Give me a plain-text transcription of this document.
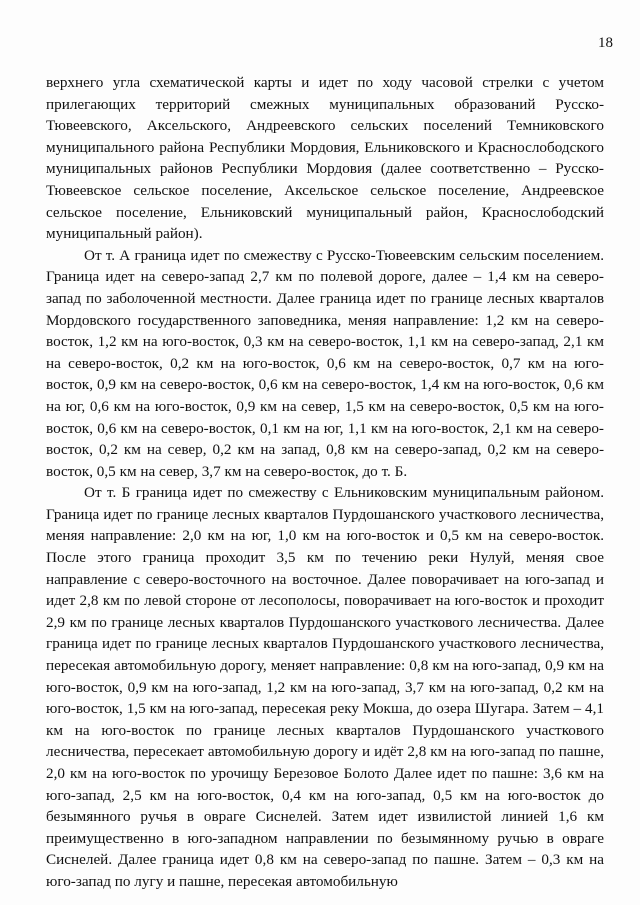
18

верхнего угла схематической карты и идет по ходу часовой стрелки с учетом прилегающих территорий смежных муниципальных образований Русско-Тювеевского, Аксельского, Андреевского сельских поселений Темниковского муниципального района Республики Мордовия, Ельниковского и Краснослободского муниципальных районов Республики Мордовия (далее соответственно – Русско-Тювеевское сельское поселение, Аксельское сельское поселение, Андреевское сельское поселение, Ельниковский муниципальный район, Краснослободский муниципальный район).

От т. А граница идет по смежеству с Русско-Тювеевским сельским поселением. Граница идет на северо-запад 2,7 км по полевой дороге, далее – 1,4 км на северо-запад по заболоченной местности. Далее граница идет по границе лесных кварталов Мордовского государственного заповедника, меняя направление: 1,2 км на северо-восток, 1,2 км на юго-восток, 0,3 км на северо-восток, 1,1 км на северо-запад, 2,1 км на северо-восток, 0,2 км на юго-восток, 0,6 км на северо-восток, 0,7 км на юго-восток, 0,9 км на северо-восток, 0,6 км на северо-восток, 1,4 км на юго-восток, 0,6 км на юг, 0,6 км на юго-восток, 0,9 км на север, 1,5 км на северо-восток, 0,5 км на юго-восток, 0,6 км на северо-восток, 0,1 км на юг, 1,1 км на юго-восток, 2,1 км на северо-восток, 0,2 км на север, 0,2 км на запад, 0,8 км на северо-запад, 0,2 км на северо-восток, 0,5 км на север, 3,7 км на северо-восток, до т. Б.

От т. Б граница идет по смежеству с Ельниковским муниципальным районом. Граница идет по границе лесных кварталов Пурдошанского участкового лесничества, меняя направление: 2,0 км на юг, 1,0 км на юго-восток и 0,5 км на северо-восток. После этого граница проходит 3,5 км по течению реки Нулуй, меняя свое направление с северо-восточного на восточное. Далее поворачивает на юго-запад и идет 2,8 км по левой стороне от лесополосы, поворачивает на юго-восток и проходит 2,9 км по границе лесных кварталов Пурдошанского участкового лесничества. Далее граница идет по границе лесных кварталов Пурдошанского участкового лесничества, пересекая автомобильную дорогу, меняет направление: 0,8 км на юго-запад, 0,9 км на юго-восток, 0,9 км на юго-запад, 1,2 км на юго-запад, 3,7 км на юго-запад, 0,2 км на юго-восток, 1,5 км на юго-запад, пересекая реку Мокша, до озера Шугара. Затем – 4,1 км на юго-восток по границе лесных кварталов Пурдошанского участкового лесничества, пересекает автомобильную дорогу и идёт 2,8 км на юго-запад по пашне, 2,0 км на юго-восток по урочищу Березовое Болото Далее идет по пашне: 3,6 км на юго-запад, 2,5 км на юго-восток, 0,4 км на юго-запад, 0,5 км на юго-восток до безымянного ручья в овраге Сиснелей. Затем идет извилистой линией 1,6 км преимущественно в юго-западном направлении по безымянному ручью в овраге Сиснелей. Далее граница идет 0,8 км на северо-запад по пашне. Затем – 0,3 км на юго-запад по лугу и пашне, пересекая автомобильную
